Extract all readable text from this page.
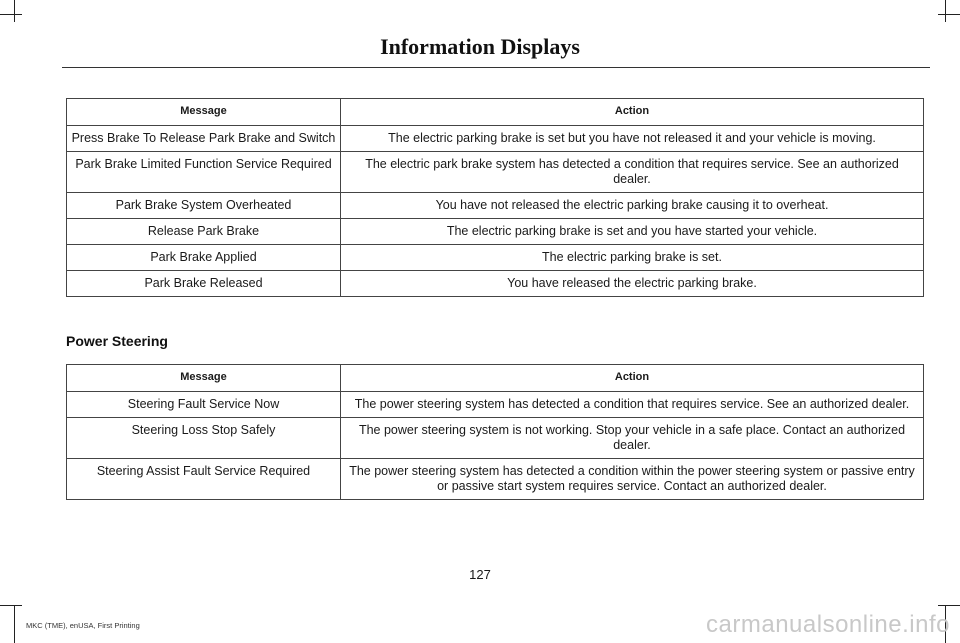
Information Displays
Message	Action
Press Brake To Release Park Brake and Switch	The electric parking brake is set but you have not released it and your vehicle is moving.
Park Brake Limited Function Service Required	The electric park brake system has detected a condition that requires service. See an authorized dealer.
Park Brake System Overheated	You have not released the electric parking brake causing it to overheat.
Release Park Brake	The electric parking brake is set and you have started your vehicle.
Park Brake Applied	The electric parking brake is set.
Park Brake Released	You have released the electric parking brake.
Power Steering
Message	Action
Steering Fault Service Now	The power steering system has detected a condition that requires service. See an authorized dealer.
Steering Loss Stop Safely	The power steering system is not working. Stop your vehicle in a safe place. Contact an authorized dealer.
Steering Assist Fault Service Required	The power steering system has detected a condition within the power steering system or passive entry or passive start system requires service. Contact an authorized dealer.
127
MKC (TME), enUSA, First Printing	carmanualsonline.info
